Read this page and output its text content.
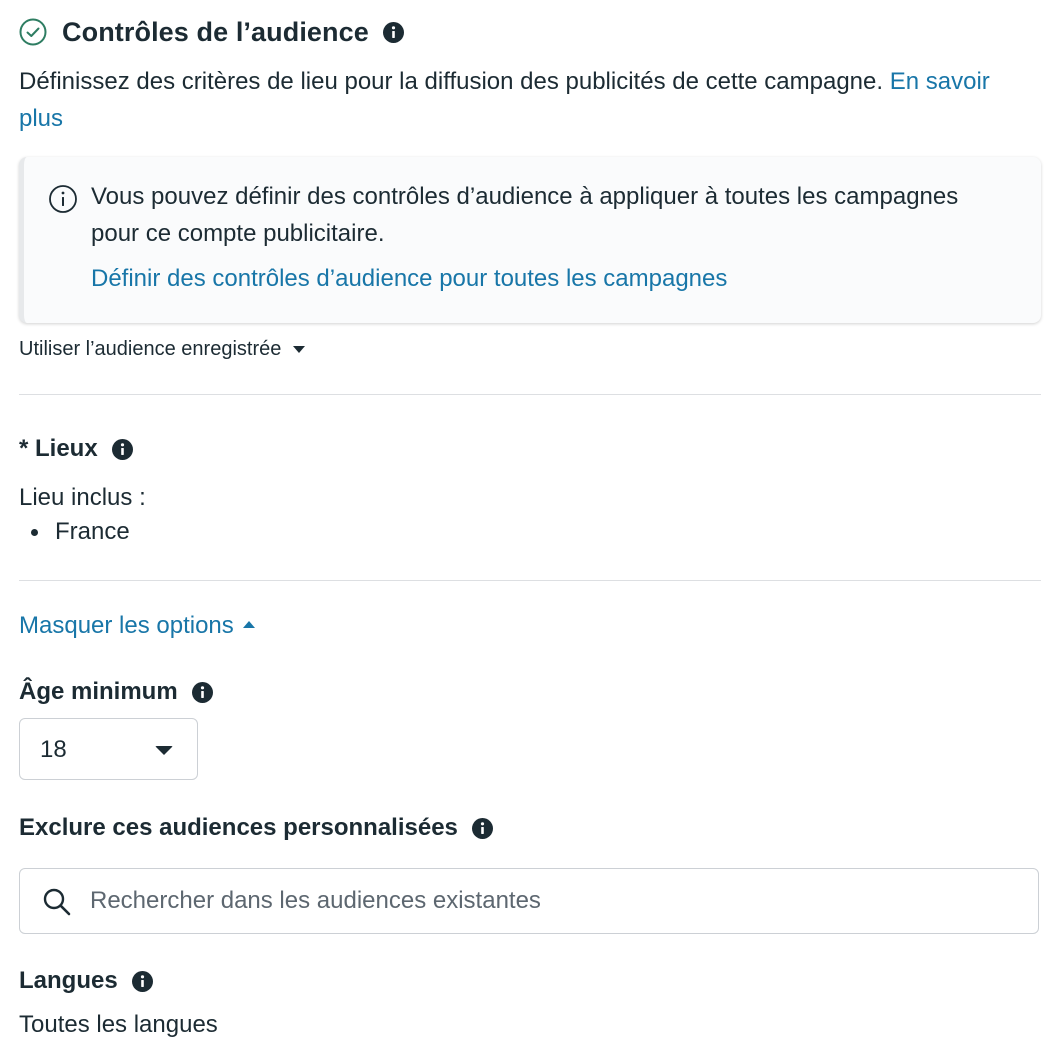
Contrôles de l’audience
Définissez des critères de lieu pour la diffusion des publicités de cette campagne. En savoir plus
Vous pouvez définir des contrôles d’audience à appliquer à toutes les campagnes pour ce compte publicitaire.
Définir des contrôles d’audience pour toutes les campagnes
Utiliser l’audience enregistrée
* Lieux
Lieu inclus :
France
Masquer les options
Âge minimum
18
Exclure ces audiences personnalisées
Rechercher dans les audiences existantes
Langues
Toutes les langues
